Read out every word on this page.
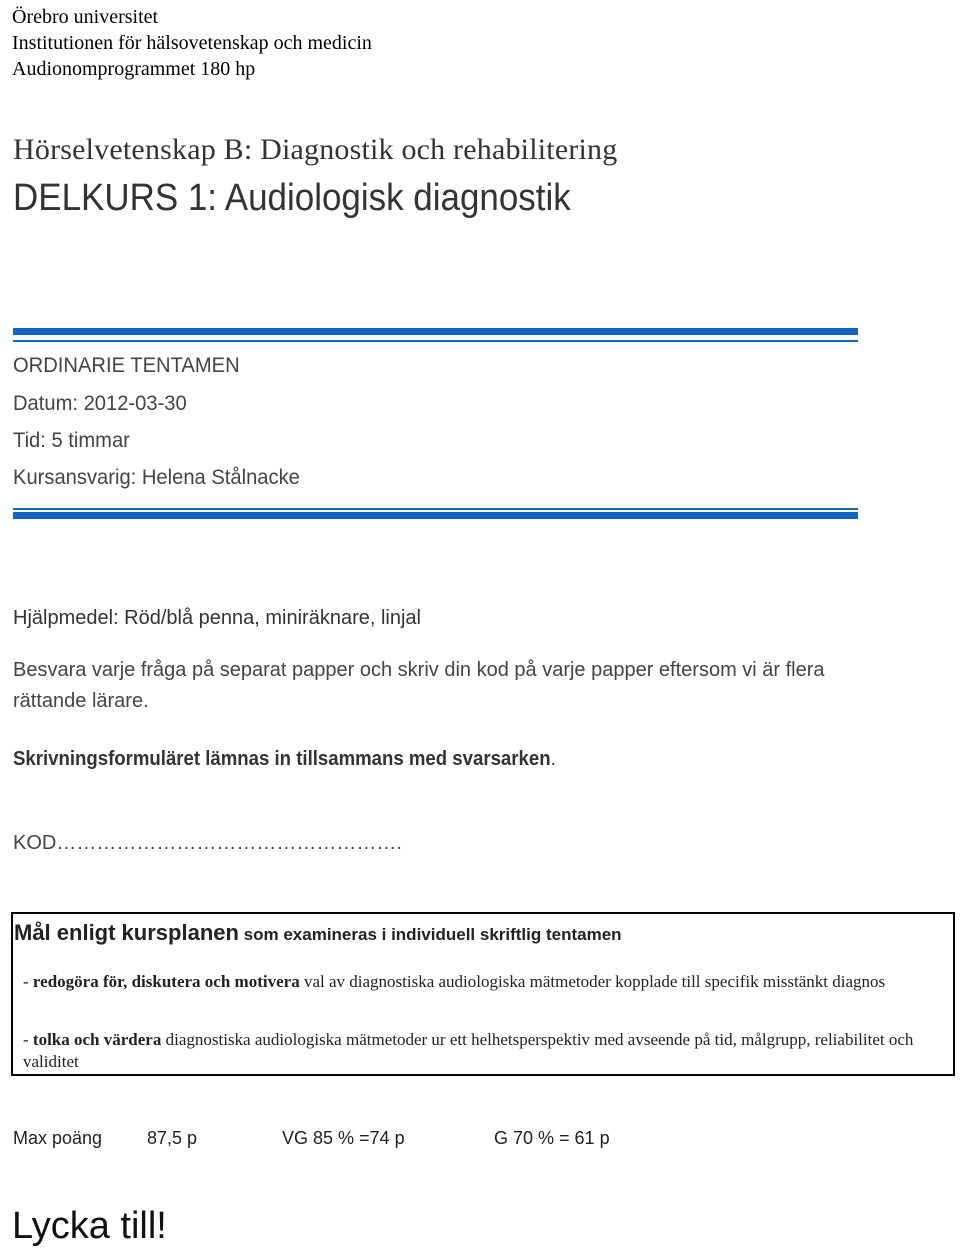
Örebro universitet
Institutionen för hälsovetenskap och medicin
Audionomprogrammet 180 hp
Hörselvetenskap B: Diagnostik och rehabilitering
DELKURS 1: Audiologisk diagnostik
ORDINARIE TENTAMEN
Datum: 2012-03-30
Tid: 5 timmar
Kursansvarig: Helena Stålnacke
Hjälpmedel: Röd/blå penna, miniräknare, linjal
Besvara varje fråga på separat papper och skriv din kod på varje papper eftersom vi är flera
rättande lärare.
Skrivningsformuläret lämnas in tillsammans med svarsarken.
KOD…………………………………………….
Mål enligt kursplanen som examineras i individuell skriftlig tentamen
- redogöra för, diskutera och motivera val av diagnostiska audiologiska mätmetoder kopplade till specifik misstänkt diagnos
- tolka och värdera diagnostiska audiologiska mätmetoder ur ett helhetsperspektiv med avseende på tid, målgrupp, reliabilitet och validitet
Max poäng 87,5 p	VG 85 % =74 p	G 70 % = 61 p
Lycka till!
